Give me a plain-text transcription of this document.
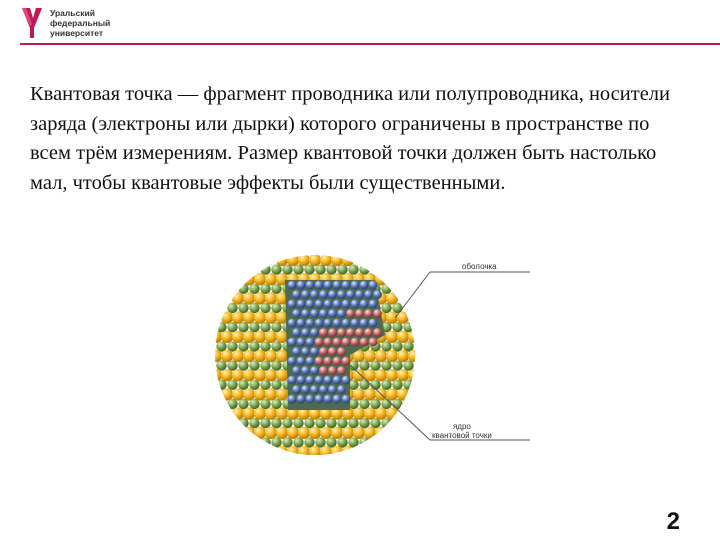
Уральский
федеральный
университет
Квантовая точка — фрагмент проводника или полупроводника, носители заряда (электроны или дырки) которого ограничены в пространстве по всем трём измерениям. Размер квантовой точки должен быть настолько мал, чтобы квантовые эффекты были существенными.
оболочка
ядро
квантовой точки
2
